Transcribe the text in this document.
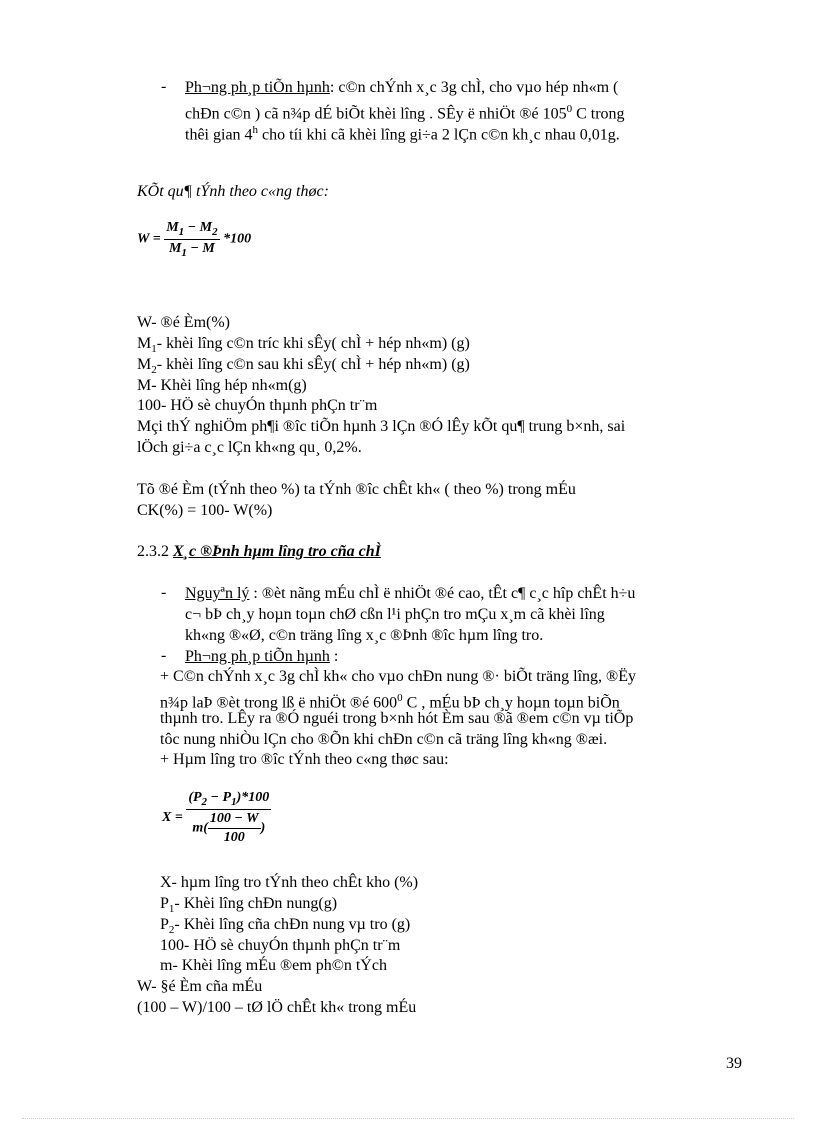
- Ph¬ng ph¸p tiÕn hµnh: c©n chÝnh x¸c 3g chÌ, cho vµo hép nh«m (
chÐn c©n ) cã n¾p dÉ biÕt khèi lîng . SÊy ë nhiÖt ®é $105^0$ C trong
thêi gian 4$^h$ cho tíi khi cã khèi lîng gi÷a 2 lÇn c©n kh¸c nhau 0,01g.
KÕt qu¶ tÝnh theo c«ng thøc:
$W = \frac{M_1 - M_2}{M_1 - M} *100$
W- ®é Èm(%)
$M_1-$ khèi lîng c©n tríc khi sÊy( chÌ + hép nh«m) (g)
$M_2-$ khèi lîng c©n sau khi sÊy( chÌ + hép nh«m) (g)
M- Khèi lîng hép nh«m(g)
100- HÖ sè chuyÓn thµnh phÇn tr¨m
Mçi thÝ nghiÖm ph¶i ®îc tiÕn hµnh 3 lÇn ®Ó lÊy kÕt qu¶ trung b×nh, sai
lÖch gi÷a c¸c lÇn kh«ng qu¸ 0,2%.
Tõ ®é Èm (tÝnh theo %) ta tÝnh ®îc chÊt kh« ( theo %) trong mÉu
CK(%) = 100- W(%)
2.3.2 X¸c ®Þnh hµm lîng tro cña chÌ
- Nguyªn lý : ®èt nãng mÉu chÌ ë nhiÖt ®é cao, tÊt c¶ c¸c hîp chÊt h÷u
c¬ bÞ ch¸y hoµn toµn chØ cßn l¹i phÇn tro mÇu x¸m cã khèi lîng
kh«ng ®«Ø, c©n träng lîng x¸c ®Þnh ®îc hµm lîng tro.
- Ph¬ng ph¸p tiÕn hµnh :
+ C©n chÝnh x¸c 3g chÌ kh« cho vµo chÐn nung ®· biÕt träng lîng, ®Ëy
n¾p laÞ ®èt trong lß ë nhiÖt ®é $600^0$ C , mÉu bÞ ch¸y hoµn toµn biÕn
thµnh tro. LÊy ra ®Ó nguéi trong b×nh hót Èm sau ®ã ®em c©n vµ tiÕp
tôc nung nhiÒu lÇn cho ®Õn khi chÐn c©n cã träng lîng kh«ng ®æi.
+ Hµm lîng tro ®îc tÝnh theo c«ng thøc sau:
$X = \frac{(P_2 - P_1)*100}{m( \frac{100 - W}{100} )}$
X- hµm lîng tro tÝnh theo chÊt kho (%)
$P_1-$ Khèi lîng chÐn nung(g)
$P_2-$ Khèi lîng cña chÐn nung vµ tro (g)
100- HÖ sè chuyÓn thµnh phÇn tr¨m
m- Khèi lîng mÉu ®em ph©n tÝch
W- §é Èm cña mÉu
(100 – W)/100 – tØ lÖ chÊt kh« trong mÉu
39
